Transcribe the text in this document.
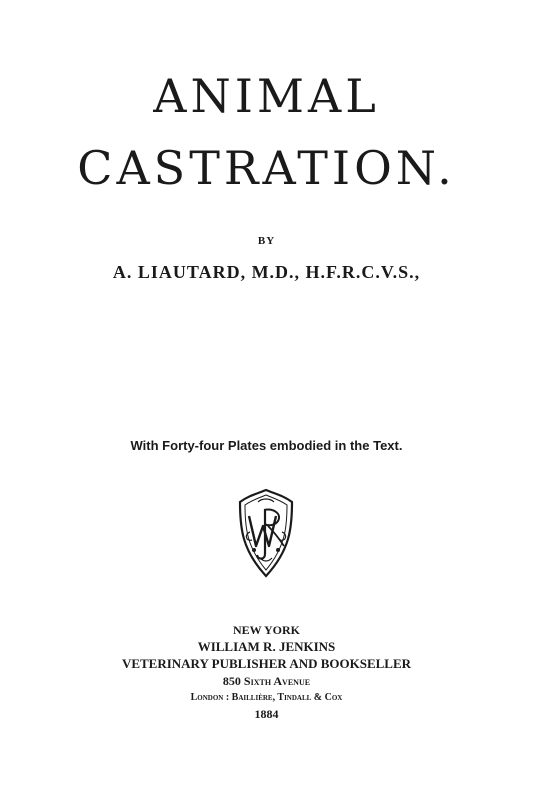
ANIMAL
CASTRATION.
BY
A. LIAUTARD, M.D., H.F.R.C.V.S.,
With Forty-four Plates embodied in the Text.
NEW YORK
WILLIAM R. JENKINS
VETERINARY PUBLISHER AND BOOKSELLER
850 Sixth Avenue
London : Baillière, Tindall & Cox
1884
